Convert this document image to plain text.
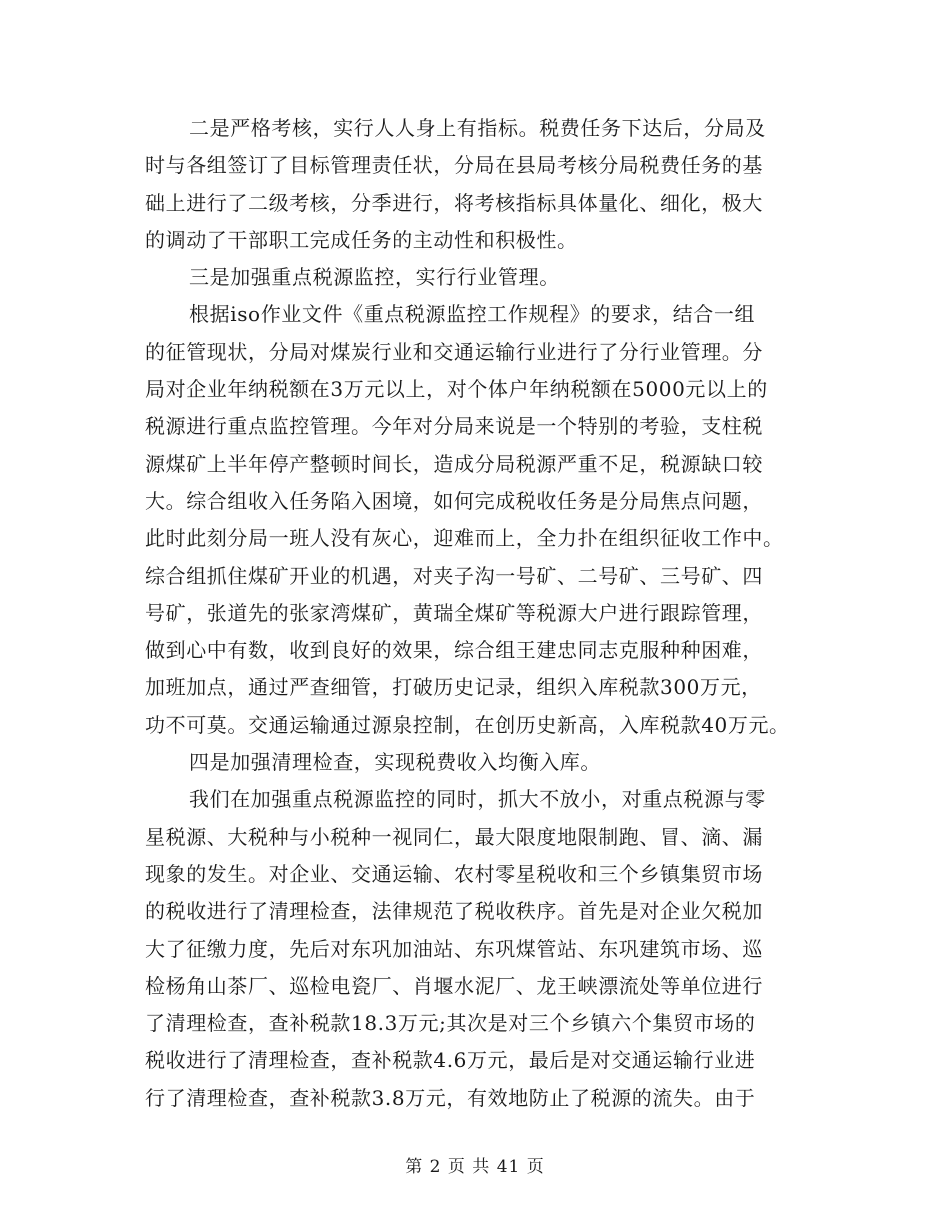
二是严格考核，实行人人身上有指标。税费任务下达后，分局及
时与各组签订了目标管理责任状，分局在县局考核分局税费任务的基
础上进行了二级考核，分季进行，将考核指标具体量化、细化，极大
的调动了干部职工完成任务的主动性和积极性。
三是加强重点税源监控，实行行业管理。
根据iso作业文件《重点税源监控工作规程》的要求，结合一组
的征管现状，分局对煤炭行业和交通运输行业进行了分行业管理。分
局对企业年纳税额在3万元以上，对个体户年纳税额在5000元以上的
税源进行重点监控管理。今年对分局来说是一个特别的考验，支柱税
源煤矿上半年停产整顿时间长，造成分局税源严重不足，税源缺口较
大。综合组收入任务陷入困境，如何完成税收任务是分局焦点问题，
此时此刻分局一班人没有灰心，迎难而上，全力扑在组织征收工作中。
综合组抓住煤矿开业的机遇，对夹子沟一号矿、二号矿、三号矿、四
号矿，张道先的张家湾煤矿，黄瑞全煤矿等税源大户进行跟踪管理，
做到心中有数，收到良好的效果，综合组王建忠同志克服种种困难，
加班加点，通过严查细管，打破历史记录，组织入库税款300万元，
功不可莫。交通运输通过源泉控制，在创历史新高，入库税款40万元。
四是加强清理检查，实现税费收入均衡入库。
我们在加强重点税源监控的同时，抓大不放小，对重点税源与零
星税源、大税种与小税种一视同仁，最大限度地限制跑、冒、滴、漏
现象的发生。对企业、交通运输、农村零星税收和三个乡镇集贸市场
的税收进行了清理检查，法律规范了税收秩序。首先是对企业欠税加
大了征缴力度，先后对东巩加油站、东巩煤管站、东巩建筑市场、巡
检杨角山茶厂、巡检电瓷厂、肖堰水泥厂、龙王峡漂流处等单位进行
了清理检查，查补税款18.3万元;其次是对三个乡镇六个集贸市场的
税收进行了清理检查，查补税款4.6万元，最后是对交通运输行业进
行了清理检查，查补税款3.8万元，有效地防止了税源的流失。由于
第 2 页 共 41 页
